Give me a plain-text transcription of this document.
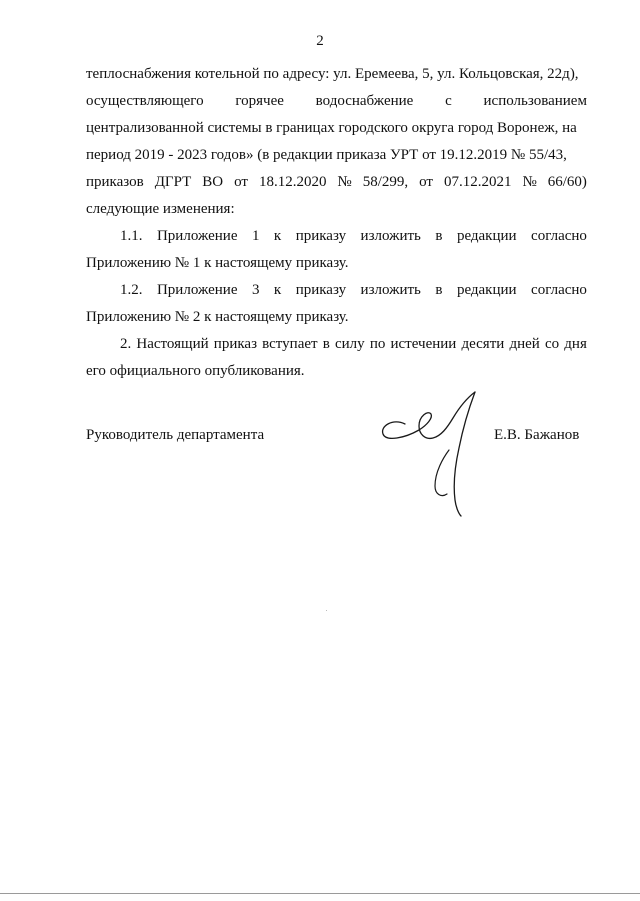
2
теплоснабжения котельной по адресу: ул. Еремеева, 5, ул. Кольцовская, 22д),
осуществляющего горячее водоснабжение с использованием
централизованной системы в границах городского округа город Воронеж, на
период 2019 - 2023 годов» (в редакции приказа УРТ от 19.12.2019 № 55/43,
приказов ДГРТ ВО от 18.12.2020 № 58/299, от 07.12.2021 № 66/60)
следующие изменения:
1.1. Приложение 1 к приказу изложить в редакции согласно
Приложению № 1 к настоящему приказу.
1.2. Приложение 3 к приказу изложить в редакции согласно
Приложению № 2 к настоящему приказу.
2. Настоящий приказ вступает в силу по истечении десяти дней со дня
его официального опубликования.
Руководитель департамента	Е.В. Бажанов
